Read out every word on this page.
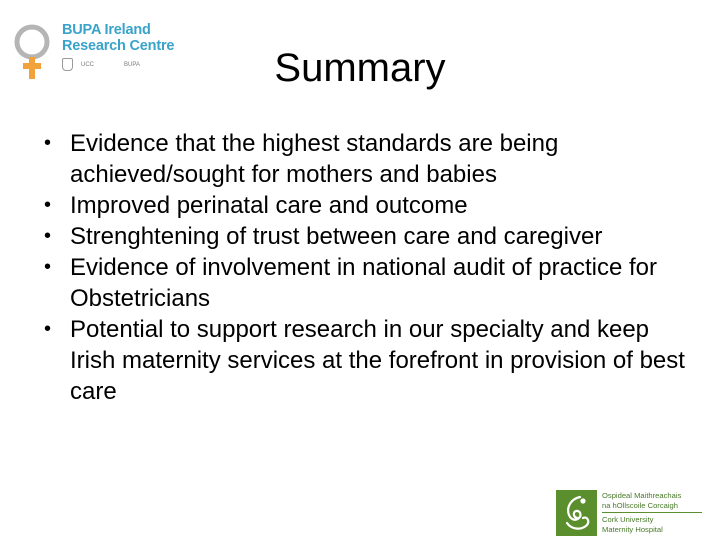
BUPA Ireland
Research Centre
UCC	BUPA	Summary
• Evidence that the highest standards are being achieved/sought for mothers and babies
• Improved perinatal care and outcome
• Strenghtening of trust between care and caregiver
• Evidence of involvement in national audit of practice for Obstetricians
• Potential to support research in our specialty and keep Irish maternity services at the forefront in provision of best care
Ospideal Maithreachais
na hOllscoile Corcaigh
Cork University
Maternity Hospital
